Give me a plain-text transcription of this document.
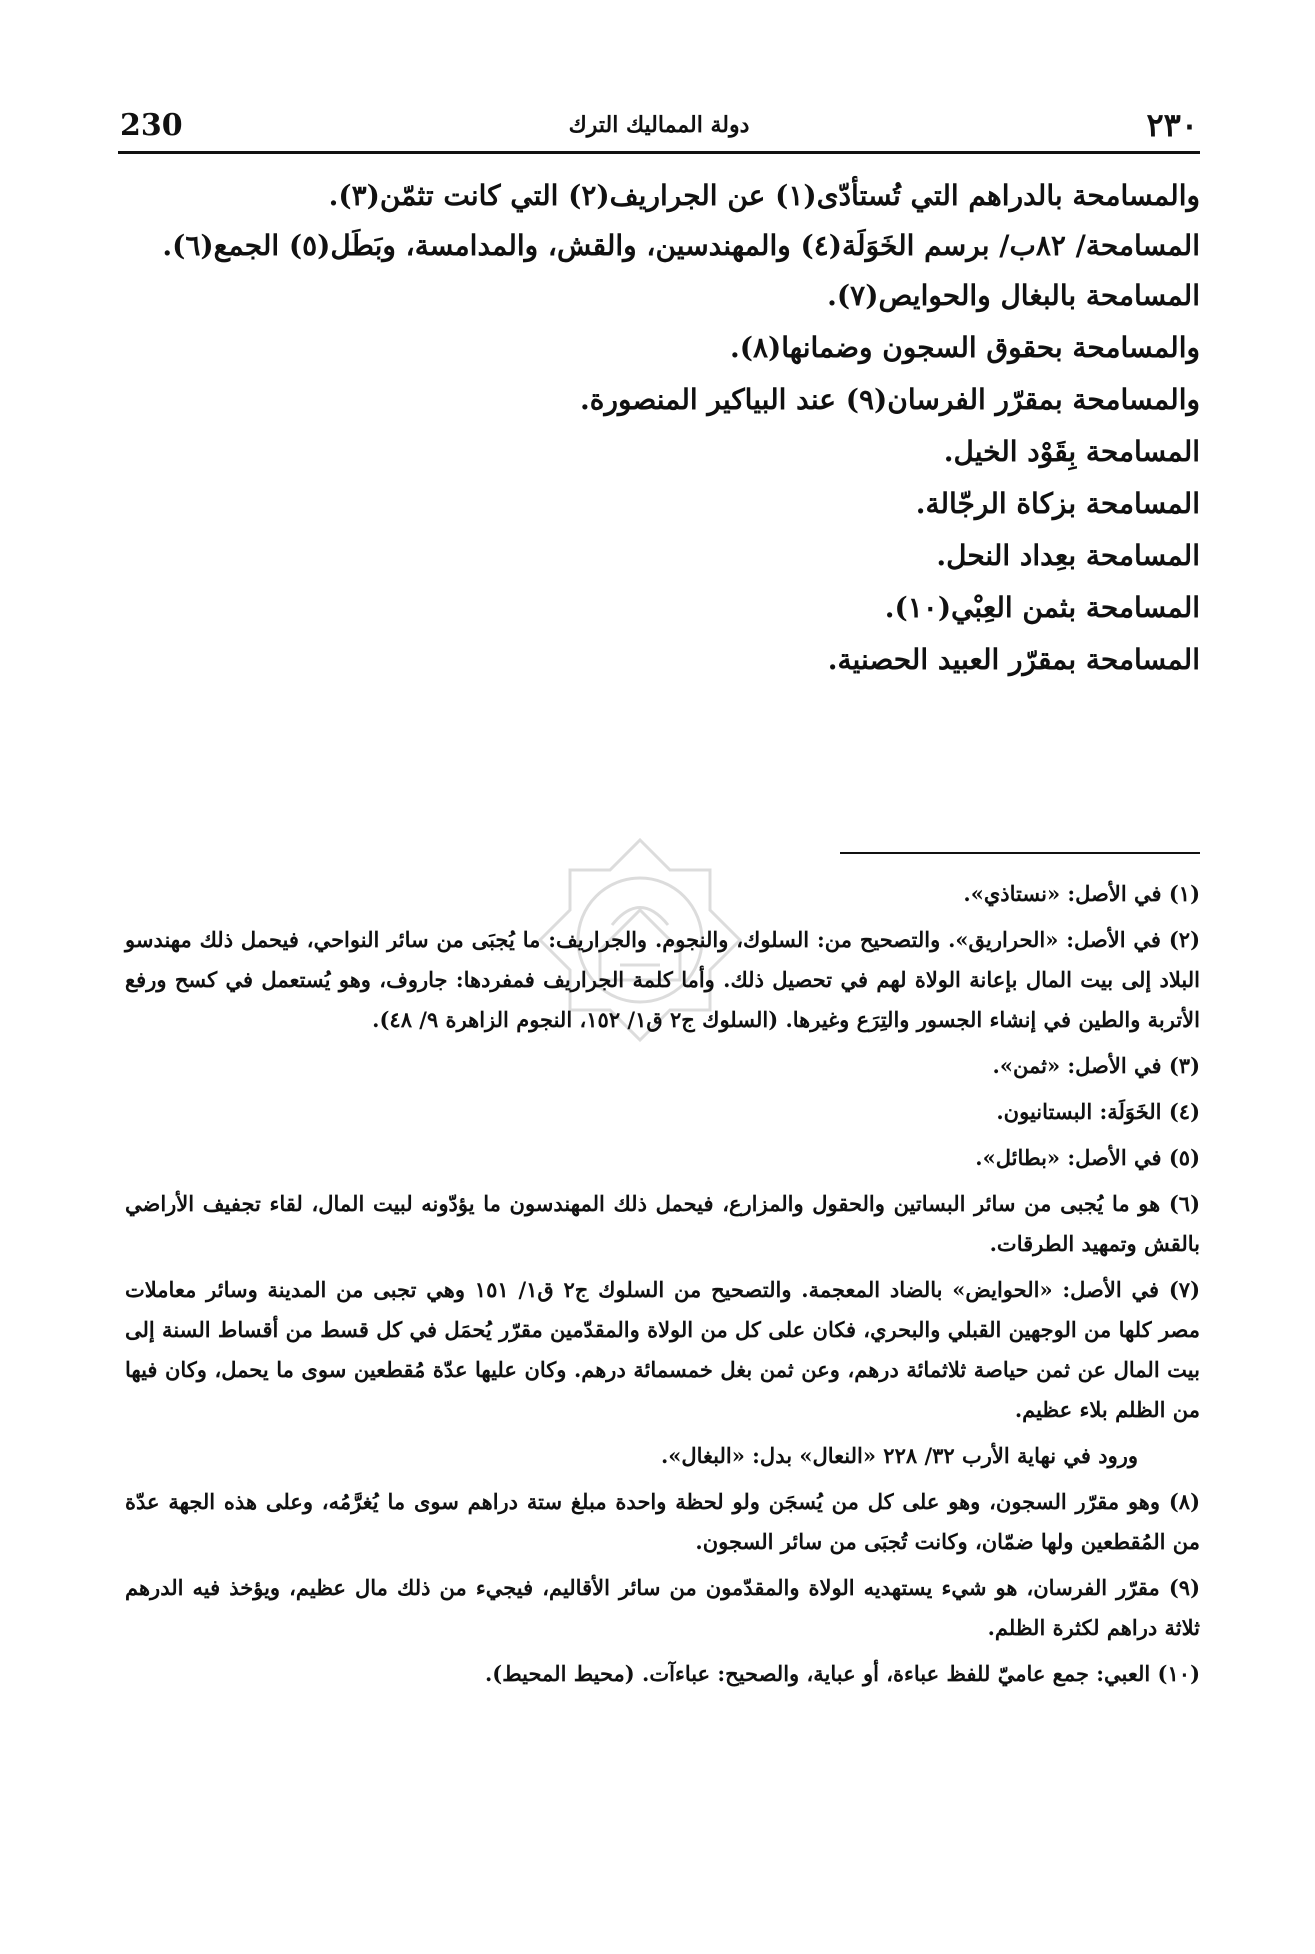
230	دولة المماليك الترك	٢٣٠

والمسامحة بالدراهم التي تُستأدّى(١) عن الجراريف(٢) التي كانت تثمّن(٣).

المسامحة/ ٨٢ب/ برسم الخَوَلَة(٤) والمهندسين، والقش، والمدامسة، وبَطَل(٥) الجمع(٦).

المسامحة بالبغال والحوايص(٧).

والمسامحة بحقوق السجون وضمانها(٨).

والمسامحة بمقرّر الفرسان(٩) عند البياكير المنصورة.

المسامحة بِقَوْد الخيل.

المسامحة بزكاة الرجّالة.

المسامحة بعِداد النحل.

المسامحة بثمن العِبْي(١٠).

المسامحة بمقرّر العبيد الحصنية.

(١) في الأصل: «نستاذي».

(٢) في الأصل: «الحراريق». والتصحيح من: السلوك، والنجوم. والجراريف: ما يُجبَى من سائر النواحي، فيحمل ذلك مهندسو البلاد إلى بيت المال بإعانة الولاة لهم في تحصيل ذلك. وأما كلمة الجراريف فمفردها: جاروف، وهو يُستعمل في كسح ورفع الأتربة والطين في إنشاء الجسور والتِرَع وغيرها. (السلوك ج٢ ق١/ ١٥٢، النجوم الزاهرة ٩/ ٤٨).

(٣) في الأصل: «ثمن».

(٤) الخَوَلَة: البستانيون.

(٥) في الأصل: «بطائل».

(٦) هو ما يُجبى من سائر البساتين والحقول والمزارع، فيحمل ذلك المهندسون ما يؤدّونه لبيت المال، لقاء تجفيف الأراضي بالقش وتمهيد الطرقات.

(٧) في الأصل: «الحوايض» بالضاد المعجمة. والتصحيح من السلوك ج٢ ق١/ ١٥١ وهي تجبى من المدينة وسائر معاملات مصر كلها من الوجهين القبلي والبحري، فكان على كل من الولاة والمقدّمين مقرّر يُحمَل في كل قسط من أقساط السنة إلى بيت المال عن ثمن حياصة ثلاثمائة درهم، وعن ثمن بغل خمسمائة درهم. وكان عليها عدّة مُقطعين سوى ما يحمل، وكان فيها من الظلم بلاء عظيم.

ورود في نهاية الأرب ٣٢/ ٢٢٨ «النعال» بدل: «البغال».

(٨) وهو مقرّر السجون، وهو على كل من يُسجَن ولو لحظة واحدة مبلغ ستة دراهم سوى ما يُغرَّمُه، وعلى هذه الجهة عدّة من المُقطعين ولها ضمّان، وكانت تُجبَى من سائر السجون.

(٩) مقرّر الفرسان، هو شيء يستهديه الولاة والمقدّمون من سائر الأقاليم، فيجيء من ذلك مال عظيم، ويؤخذ فيه الدرهم ثلاثة دراهم لكثرة الظلم.

(١٠) العبي: جمع عاميّ للفظ عباءة، أو عباية، والصحيح: عباءآت. (محيط المحيط).
